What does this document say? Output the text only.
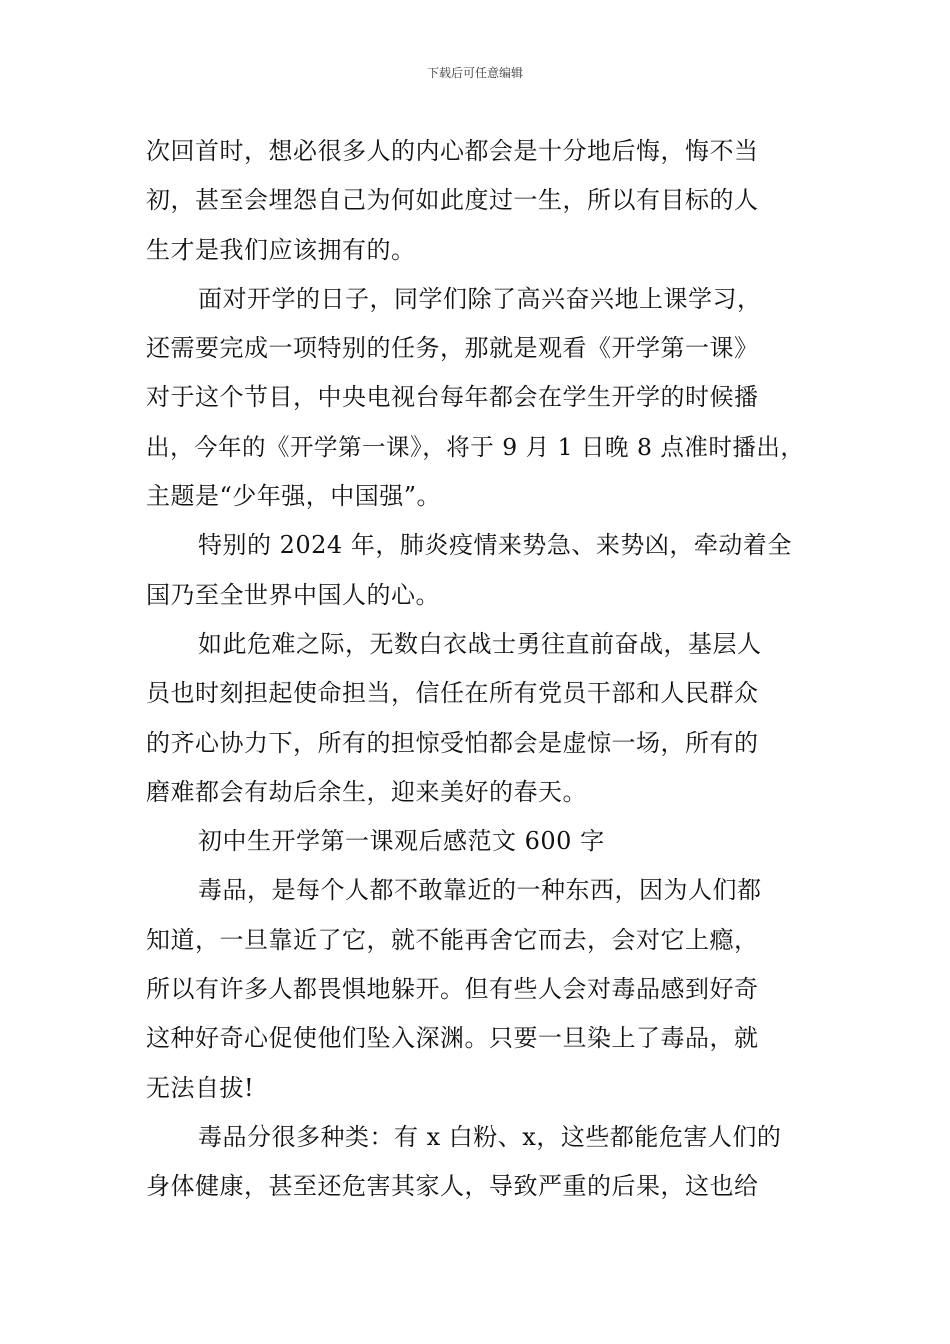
下载后可任意编辑
次回首时，想必很多人的内心都会是十分地后悔，悔不当
初，甚至会埋怨自己为何如此度过一生，所以有目标的人
生才是我们应该拥有的。
面对开学的日子，同学们除了高兴奋兴地上课学习，
还需要完成一项特别的任务，那就是观看《开学第一课》
对于这个节目，中央电视台每年都会在学生开学的时候播
出，今年的《开学第一课》，将于 9 月 1 日晚 8 点准时播出，
主题是“少年强，中国强”。
特别的 2024 年，肺炎疫情来势急、来势凶，牵动着全
国乃至全世界中国人的心。
如此危难之际，无数白衣战士勇往直前奋战，基层人
员也时刻担起使命担当，信任在所有党员干部和人民群众
的齐心协力下，所有的担惊受怕都会是虚惊一场，所有的
磨难都会有劫后余生，迎来美好的春天。
初中生开学第一课观后感范文 600 字
毒品，是每个人都不敢靠近的一种东西，因为人们都
知道，一旦靠近了它，就不能再舍它而去，会对它上瘾，
所以有许多人都畏惧地躲开。但有些人会对毒品感到好奇
这种好奇心促使他们坠入深渊。只要一旦染上了毒品，就
无法自拔!
毒品分很多种类：有 x 白粉、x，这些都能危害人们的
身体健康，甚至还危害其家人，导致严重的后果，这也给
